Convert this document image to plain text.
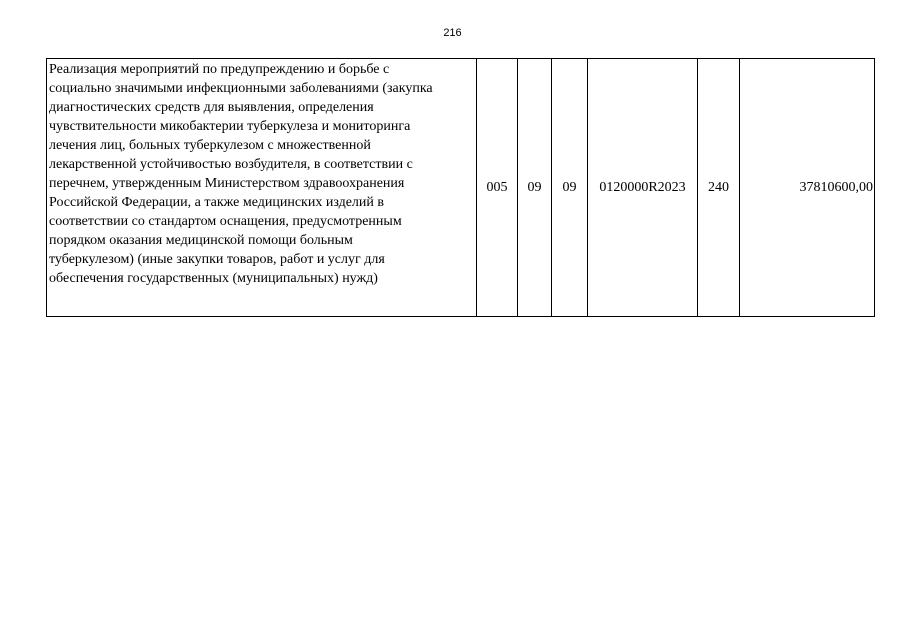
216
Реализация мероприятий по предупреждению и борьбе с
социально значимыми инфекционными заболеваниями (закупка
диагностических средств для выявления, определения
чувствительности микобактерии туберкулеза и мониторинга
лечения лиц, больных туберкулезом с множественной
лекарственной устойчивостью возбудителя, в соответствии с
перечнем, утвержденным Министерством здравоохранения
Российской Федерации, а также медицинских изделий в
соответствии со стандартом оснащения, предусмотренным
порядком оказания медицинской помощи больным
туберкулезом) (иные закупки товаров, работ и услуг для
обеспечения государственных (муниципальных) нужд)
	005	09	09	0120000R2023	240	37810600,00
